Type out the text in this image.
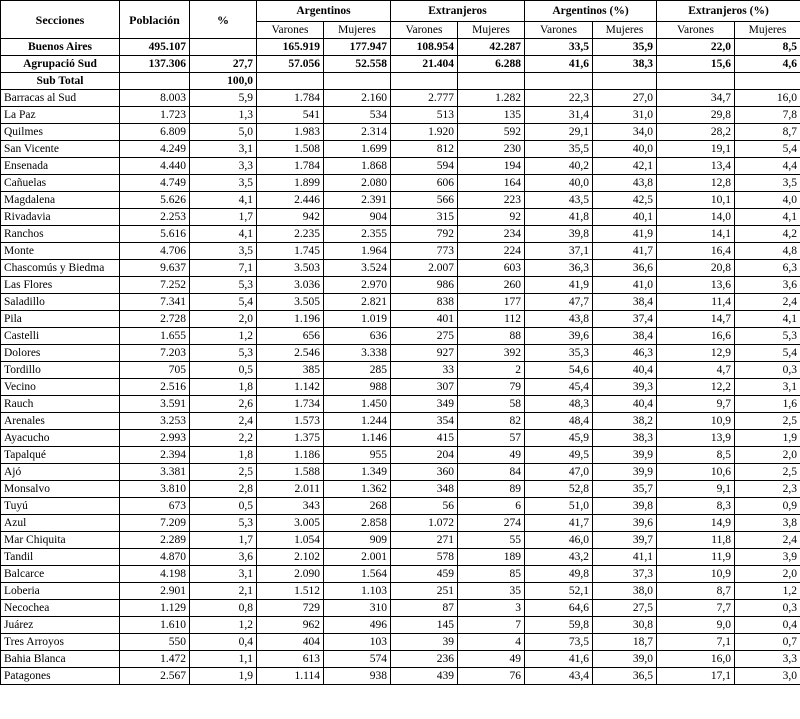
Secciones	Población	%	Argentinos		Extranjeros		Argentinos (%)		Extranjeros (%)	
			Varones	Mujeres	Varones	Mujeres	Varones	Mujeres	Varones	Mujeres
Buenos Aires	495.107		165.919	177.947	108.954	42.287	33,5	35,9	22,0	8,5
Agrupació Sud	137.306	27,7	57.056	52.558	21.404	6.288	41,6	38,3	15,6	4,6
Sub Total		100,0								
Barracas al Sud	8.003	5,9	1.784	2.160	2.777	1.282	22,3	27,0	34,7	16,0
La Paz	1.723	1,3	541	534	513	135	31,4	31,0	29,8	7,8
Quilmes	6.809	5,0	1.983	2.314	1.920	592	29,1	34,0	28,2	8,7
San Vicente	4.249	3,1	1.508	1.699	812	230	35,5	40,0	19,1	5,4
Ensenada	4.440	3,3	1.784	1.868	594	194	40,2	42,1	13,4	4,4
Cañuelas	4.749	3,5	1.899	2.080	606	164	40,0	43,8	12,8	3,5
Magdalena	5.626	4,1	2.446	2.391	566	223	43,5	42,5	10,1	4,0
Rivadavia	2.253	1,7	942	904	315	92	41,8	40,1	14,0	4,1
Ranchos	5.616	4,1	2.235	2.355	792	234	39,8	41,9	14,1	4,2
Monte	4.706	3,5	1.745	1.964	773	224	37,1	41,7	16,4	4,8
Chascomús y Biedma	9.637	7,1	3.503	3.524	2.007	603	36,3	36,6	20,8	6,3
Las Flores	7.252	5,3	3.036	2.970	986	260	41,9	41,0	13,6	3,6
Saladillo	7.341	5,4	3.505	2.821	838	177	47,7	38,4	11,4	2,4
Pila	2.728	2,0	1.196	1.019	401	112	43,8	37,4	14,7	4,1
Castelli	1.655	1,2	656	636	275	88	39,6	38,4	16,6	5,3
Dolores	7.203	5,3	2.546	3.338	927	392	35,3	46,3	12,9	5,4
Tordillo	705	0,5	385	285	33	2	54,6	40,4	4,7	0,3
Vecino	2.516	1,8	1.142	988	307	79	45,4	39,3	12,2	3,1
Rauch	3.591	2,6	1.734	1.450	349	58	48,3	40,4	9,7	1,6
Arenales	3.253	2,4	1.573	1.244	354	82	48,4	38,2	10,9	2,5
Ayacucho	2.993	2,2	1.375	1.146	415	57	45,9	38,3	13,9	1,9
Tapalqué	2.394	1,8	1.186	955	204	49	49,5	39,9	8,5	2,0
Ajó	3.381	2,5	1.588	1.349	360	84	47,0	39,9	10,6	2,5
Monsalvo	3.810	2,8	2.011	1.362	348	89	52,8	35,7	9,1	2,3
Tuyú	673	0,5	343	268	56	6	51,0	39,8	8,3	0,9
Azul	7.209	5,3	3.005	2.858	1.072	274	41,7	39,6	14,9	3,8
Mar Chiquita	2.289	1,7	1.054	909	271	55	46,0	39,7	11,8	2,4
Tandil	4.870	3,6	2.102	2.001	578	189	43,2	41,1	11,9	3,9
Balcarce	4.198	3,1	2.090	1.564	459	85	49,8	37,3	10,9	2,0
Loberia	2.901	2,1	1.512	1.103	251	35	52,1	38,0	8,7	1,2
Necochea	1.129	0,8	729	310	87	3	64,6	27,5	7,7	0,3
Juárez	1.610	1,2	962	496	145	7	59,8	30,8	9,0	0,4
Tres Arroyos	550	0,4	404	103	39	4	73,5	18,7	7,1	0,7
Bahia Blanca	1.472	1,1	613	574	236	49	41,6	39,0	16,0	3,3
Patagones	2.567	1,9	1.114	938	439	76	43,4	36,5	17,1	3,0
